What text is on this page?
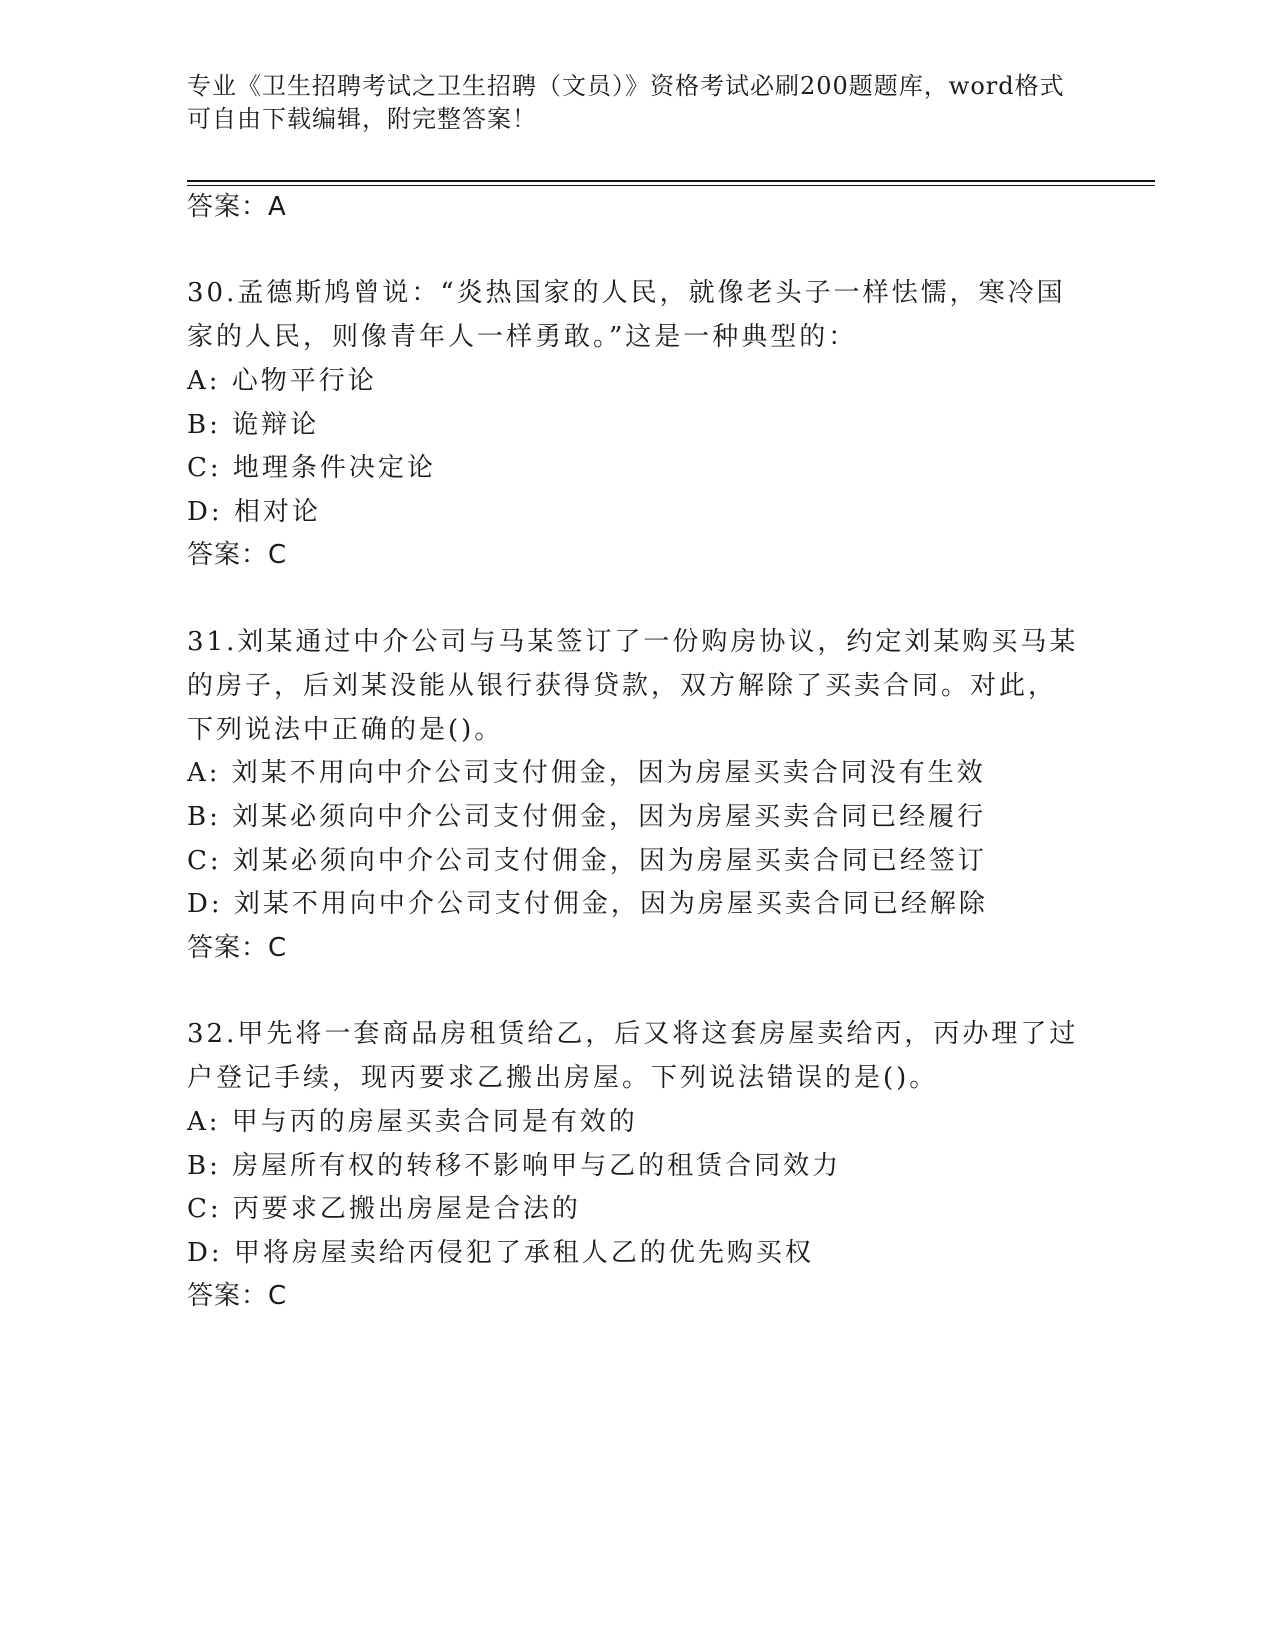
专业《卫生招聘考试之卫生招聘（文员）》资格考试必刷200题题库，word格式
可自由下载编辑，附完整答案！
答案：A
30.孟德斯鸠曾说：“炎热国家的人民，就像老头子一样怯懦，寒冷国
家的人民，则像青年人一样勇敢。”这是一种典型的：
A: 心物平行论
B: 诡辩论
C: 地理条件决定论
D: 相对论
答案：C
31.刘某通过中介公司与马某签订了一份购房协议，约定刘某购买马某
的房子，后刘某没能从银行获得贷款，双方解除了买卖合同。对此，
下列说法中正确的是()。
A: 刘某不用向中介公司支付佣金，因为房屋买卖合同没有生效
B: 刘某必须向中介公司支付佣金，因为房屋买卖合同已经履行
C: 刘某必须向中介公司支付佣金，因为房屋买卖合同已经签订
D: 刘某不用向中介公司支付佣金，因为房屋买卖合同已经解除
答案：C
32.甲先将一套商品房租赁给乙，后又将这套房屋卖给丙，丙办理了过
户登记手续，现丙要求乙搬出房屋。下列说法错误的是()。
A: 甲与丙的房屋买卖合同是有效的
B: 房屋所有权的转移不影响甲与乙的租赁合同效力
C: 丙要求乙搬出房屋是合法的
D: 甲将房屋卖给丙侵犯了承租人乙的优先购买权
答案：C
